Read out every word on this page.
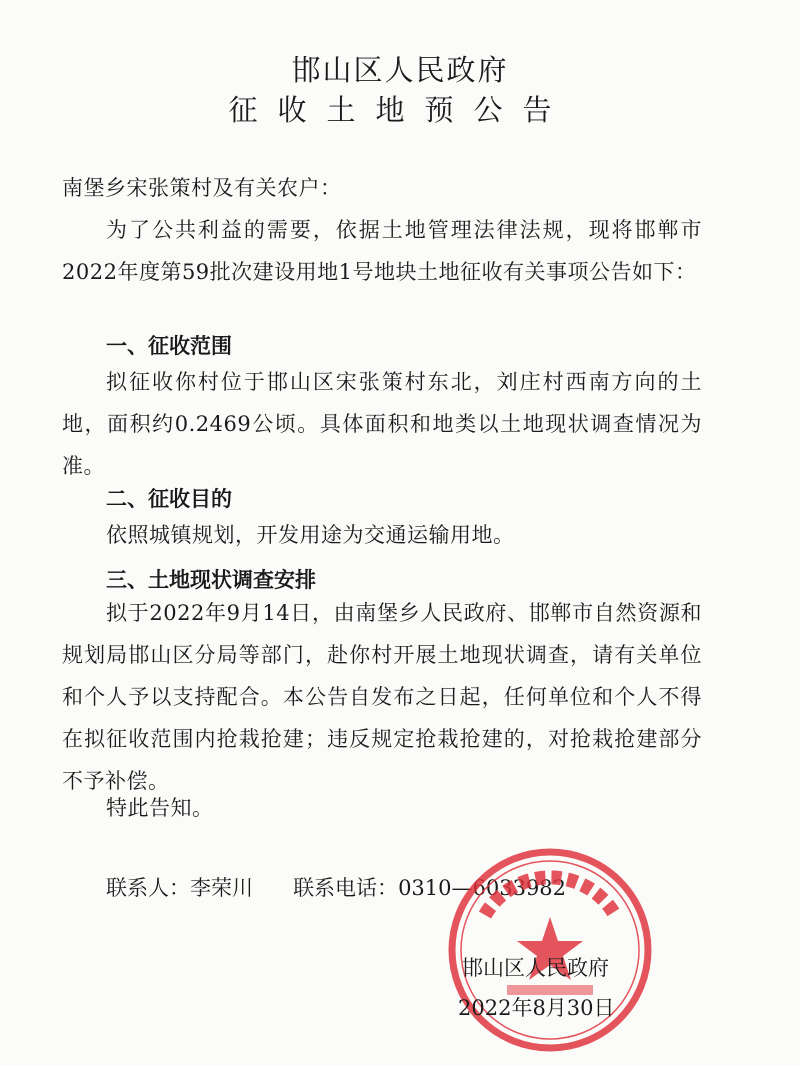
邯山区人民政府
征收土地预公告
南堡乡宋张策村及有关农户：
为了公共利益的需要，依据土地管理法律法规，现将邯郸市2022年度第59批次建设用地1号地块土地征收有关事项公告如下：
一、征收范围
拟征收你村位于邯山区宋张策村东北，刘庄村西南方向的土地，面积约0.2469公顷。具体面积和地类以土地现状调查情况为准。
二、征收目的
依照城镇规划，开发用途为交通运输用地。
三、土地现状调查安排
拟于2022年9月14日，由南堡乡人民政府、邯郸市自然资源和规划局邯山区分局等部门，赴你村开展土地现状调查，请有关单位和个人予以支持配合。本公告自发布之日起，任何单位和个人不得在拟征收范围内抢栽抢建；违反规定抢栽抢建的，对抢栽抢建部分不予补偿。
特此告知。
联系人：李荣川 联系电话：0310—6033982
邯山区人民政府
2022年8月30日
